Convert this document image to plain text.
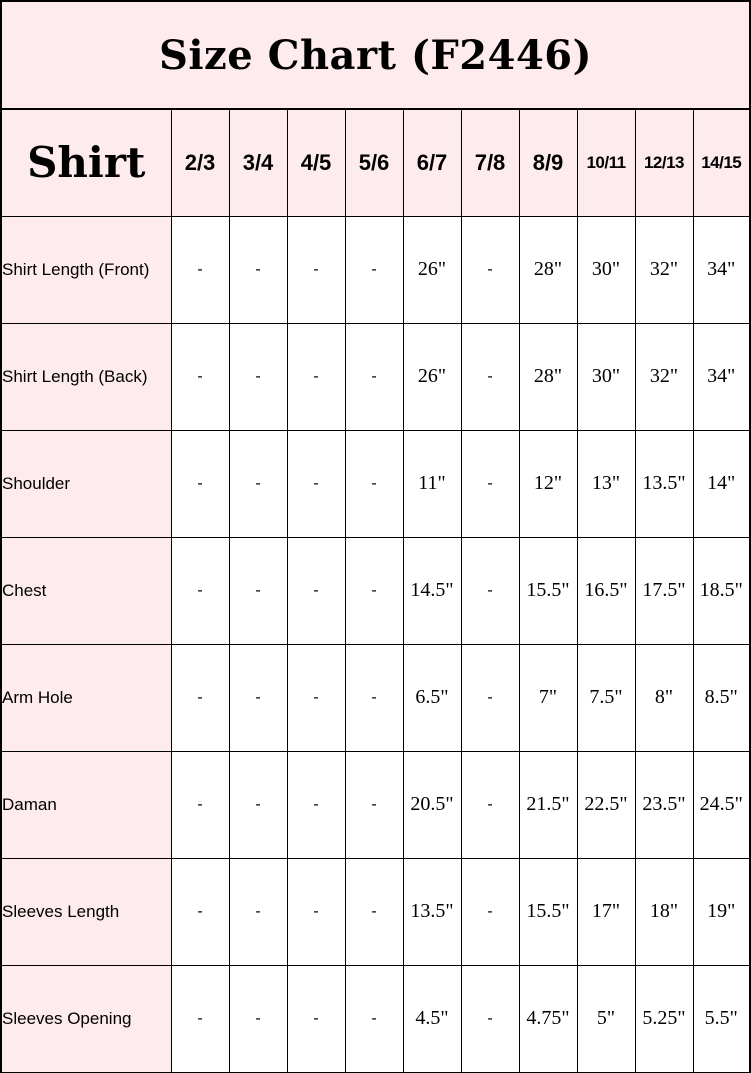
Size Chart (F2446)
Shirt	2/3	3/4	4/5	5/6	6/7	7/8	8/9	10/11	12/13	14/15
Shirt Length (Front)	-	-	-	-	26"	-	28"	30"	32"	34"
Shirt Length (Back)	-	-	-	-	26"	-	28"	30"	32"	34"
Shoulder	-	-	-	-	11"	-	12"	13"	13.5"	14"
Chest	-	-	-	-	14.5"	-	15.5"	16.5"	17.5"	18.5"
Arm Hole	-	-	-	-	6.5"	-	7"	7.5"	8"	8.5"
Daman	-	-	-	-	20.5"	-	21.5"	22.5"	23.5"	24.5"
Sleeves Length	-	-	-	-	13.5"	-	15.5"	17"	18"	19"
Sleeves Opening	-	-	-	-	4.5"	-	4.75"	5"	5.25"	5.5"
